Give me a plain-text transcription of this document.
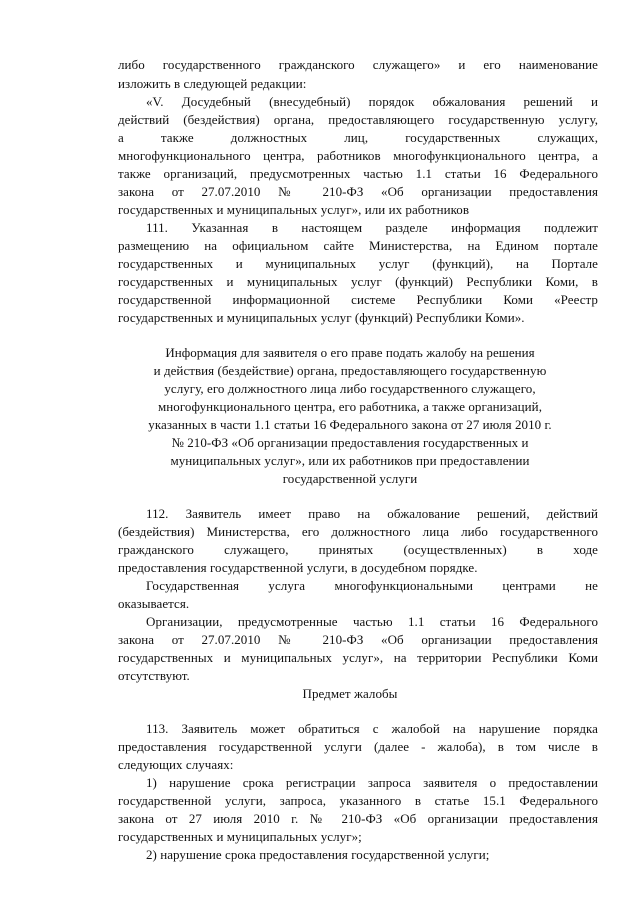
либо государственного гражданского служащего» и его наименование
изложить в следующей редакции:
«V. Досудебный (внесудебный) порядок обжалования решений и
действий (бездействия) органа, предоставляющего государственную услугу,
а также должностных лиц, государственных служащих,
многофункционального центра, работников многофункционального центра, а
также организаций, предусмотренных частью 1.1 статьи 16 Федерального
закона от 27.07.2010 № 210-ФЗ «Об организации предоставления
государственных и муниципальных услуг», или их работников
111. Указанная в настоящем разделе информация подлежит
размещению на официальном сайте Министерства, на Едином портале
государственных и муниципальных услуг (функций), на Портале
государственных и муниципальных услуг (функций) Республики Коми, в
государственной информационной системе Республики Коми «Реестр
государственных и муниципальных услуг (функций) Республики Коми».
Информация для заявителя о его праве подать жалобу на решения
и действия (бездействие) органа, предоставляющего государственную
услугу, его должностного лица либо государственного служащего,
многофункционального центра, его работника, а также организаций,
указанных в части 1.1 статьи 16 Федерального закона от 27 июля 2010 г.
№ 210-ФЗ «Об организации предоставления государственных и
муниципальных услуг», или их работников при предоставлении
государственной услуги
112. Заявитель имеет право на обжалование решений, действий
(бездействия) Министерства, его должностного лица либо государственного
гражданского служащего, принятых (осуществленных) в ходе
предоставления государственной услуги, в досудебном порядке.
Государственная услуга многофункциональными центрами не
оказывается.
Организации, предусмотренные частью 1.1 статьи 16 Федерального
закона от 27.07.2010 № 210-ФЗ «Об организации предоставления
государственных и муниципальных услуг», на территории Республики Коми
отсутствуют.
Предмет жалобы
113. Заявитель может обратиться с жалобой на нарушение порядка
предоставления государственной услуги (далее - жалоба), в том числе в
следующих случаях:
1) нарушение срока регистрации запроса заявителя о предоставлении
государственной услуги, запроса, указанного в статье 15.1 Федерального
закона от 27 июля 2010 г. № 210-ФЗ «Об организации предоставления
государственных и муниципальных услуг»;
2) нарушение срока предоставления государственной услуги;
